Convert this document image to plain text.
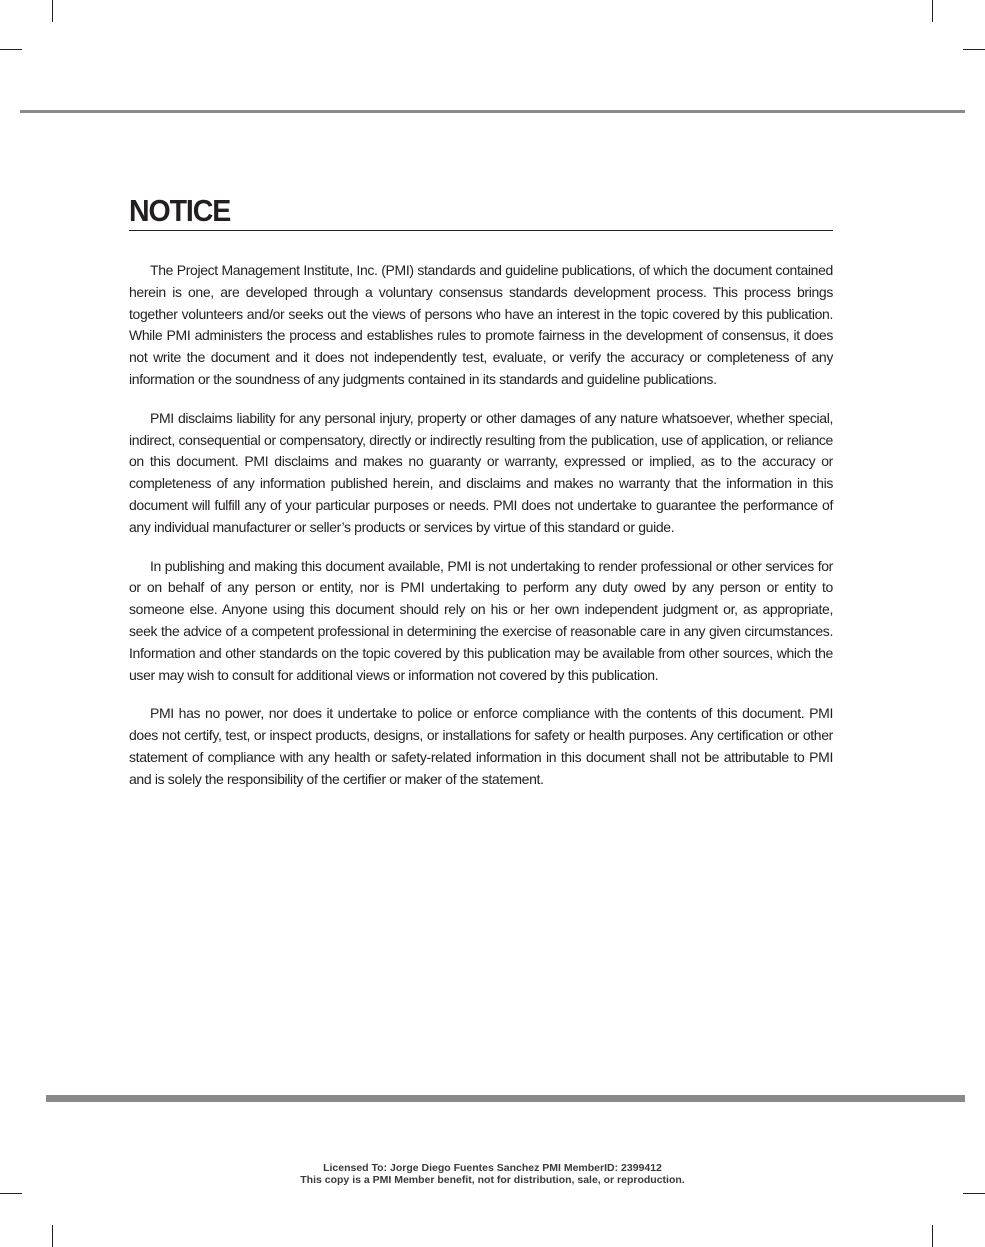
NOTICE

The Project Management Institute, Inc. (PMI) standards and guideline publications, of which the document contained herein is one, are developed through a voluntary consensus standards development process. This process brings together volunteers and/or seeks out the views of persons who have an interest in the topic covered by this publication. While PMI administers the process and establishes rules to promote fairness in the development of consensus, it does not write the document and it does not independently test, evaluate, or verify the accuracy or completeness of any information or the soundness of any judgments contained in its standards and guideline publications.

PMI disclaims liability for any personal injury, property or other damages of any nature whatsoever, whether special, indirect, consequential or compensatory, directly or indirectly resulting from the publication, use of application, or reliance on this document. PMI disclaims and makes no guaranty or warranty, expressed or implied, as to the accuracy or completeness of any information published herein, and disclaims and makes no warranty that the information in this document will fulfill any of your particular purposes or needs. PMI does not undertake to guarantee the performance of any individual manufacturer or seller’s products or services by virtue of this standard or guide.

In publishing and making this document available, PMI is not undertaking to render professional or other services for or on behalf of any person or entity, nor is PMI undertaking to perform any duty owed by any person or entity to someone else. Anyone using this document should rely on his or her own independent judgment or, as appropriate, seek the advice of a competent professional in determining the exercise of reasonable care in any given circumstances. Information and other standards on the topic covered by this publication may be available from other sources, which the user may wish to consult for additional views or information not covered by this publication.

PMI has no power, nor does it undertake to police or enforce compliance with the contents of this document. PMI does not certify, test, or inspect products, designs, or installations for safety or health purposes. Any certification or other statement of compliance with any health or safety-related information in this document shall not be attributable to PMI and is solely the responsibility of the certifier or maker of the statement.

Licensed To: Jorge Diego Fuentes Sanchez PMI MemberID: 2399412
This copy is a PMI Member benefit, not for distribution, sale, or reproduction.
